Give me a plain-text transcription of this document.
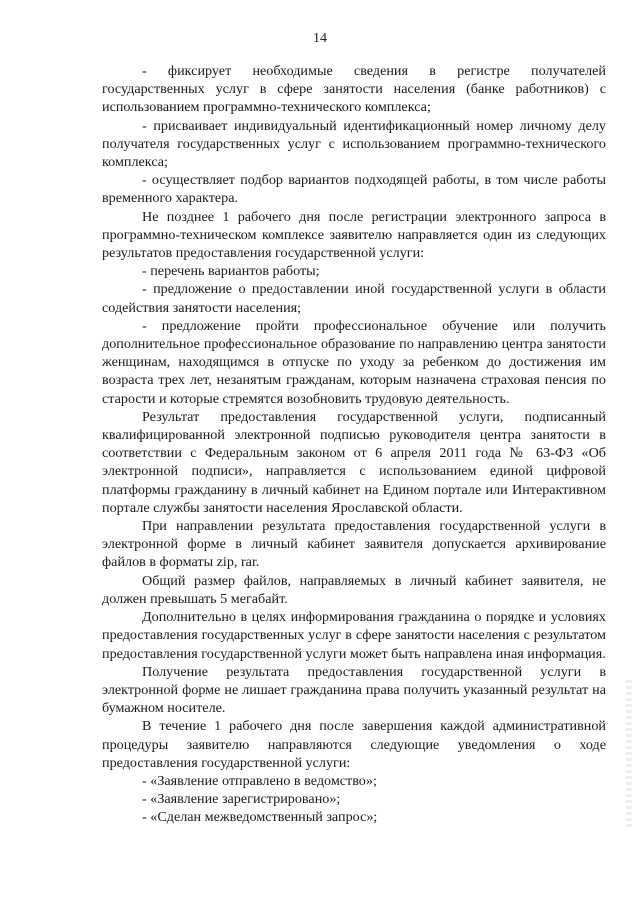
14

- фиксирует необходимые сведения в регистре получателей государственных услуг в сфере занятости населения (банке работников) с использованием программно-технического комплекса;

- присваивает индивидуальный идентификационный номер личному делу получателя государственных услуг с использованием программно-технического комплекса;

- осуществляет подбор вариантов подходящей работы, в том числе работы временного характера.

Не позднее 1 рабочего дня после регистрации электронного запроса в программно-техническом комплексе заявителю направляется один из следующих результатов предоставления государственной услуги:

- перечень вариантов работы;

- предложение о предоставлении иной государственной услуги в области содействия занятости населения;

- предложение пройти профессиональное обучение или получить дополнительное профессиональное образование по направлению центра занятости женщинам, находящимся в отпуске по уходу за ребенком до достижения им возраста трех лет, незанятым гражданам, которым назначена страховая пенсия по старости и которые стремятся возобновить трудовую деятельность.

Результат предоставления государственной услуги, подписанный квалифицированной электронной подписью руководителя центра занятости в соответствии с Федеральным законом от 6 апреля 2011 года № 63-ФЗ «Об электронной подписи», направляется с использованием единой цифровой платформы гражданину в личный кабинет на Едином портале или Интерактивном портале службы занятости населения Ярославской области.

При направлении результата предоставления государственной услуги в электронной форме в личный кабинет заявителя допускается архивирование файлов в форматы zip, rar.

Общий размер файлов, направляемых в личный кабинет заявителя, не должен превышать 5 мегабайт.

Дополнительно в целях информирования гражданина о порядке и условиях предоставления государственных услуг в сфере занятости населения с результатом предоставления государственной услуги может быть направлена иная информация.

Получение результата предоставления государственной услуги в электронной форме не лишает гражданина права получить указанный результат на бумажном носителе.

В течение 1 рабочего дня после завершения каждой административной процедуры заявителю направляются следующие уведомления о ходе предоставления государственной услуги:

- «Заявление отправлено в ведомство»;

- «Заявление зарегистрировано»;

- «Сделан межведомственный запрос»;
